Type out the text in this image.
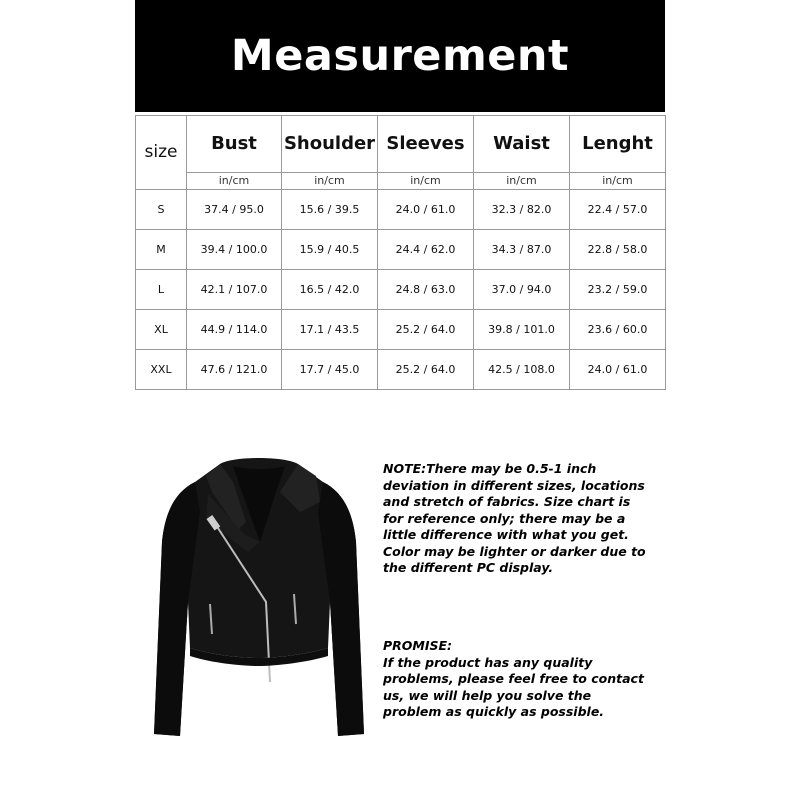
Measurement
size	Bust	Shoulder	Sleeves	Waist	Lenght
	in/cm	in/cm	in/cm	in/cm	in/cm
S	37.4 / 95.0	15.6 / 39.5	24.0 / 61.0	32.3 / 82.0	22.4 / 57.0
M	39.4 / 100.0	15.9 / 40.5	24.4 / 62.0	34.3 / 87.0	22.8 / 58.0
L	42.1 / 107.0	16.5 / 42.0	24.8 / 63.0	37.0 / 94.0	23.2 / 59.0
XL	44.9 / 114.0	17.1 / 43.5	25.2 / 64.0	39.8 / 101.0	23.6 / 60.0
XXL	47.6 / 121.0	17.7 / 45.0	25.2 / 64.0	42.5 / 108.0	24.0 / 61.0
NOTE:There may be 0.5-1 inch deviation in different sizes, locations and stretch of fabrics. Size chart is for reference only; there may be a little difference with what you get. Color may be lighter or darker due to the different PC display.
PROMISE:
If the product has any quality problems, please feel free to contact us, we will help you solve the problem as quickly as possible.
